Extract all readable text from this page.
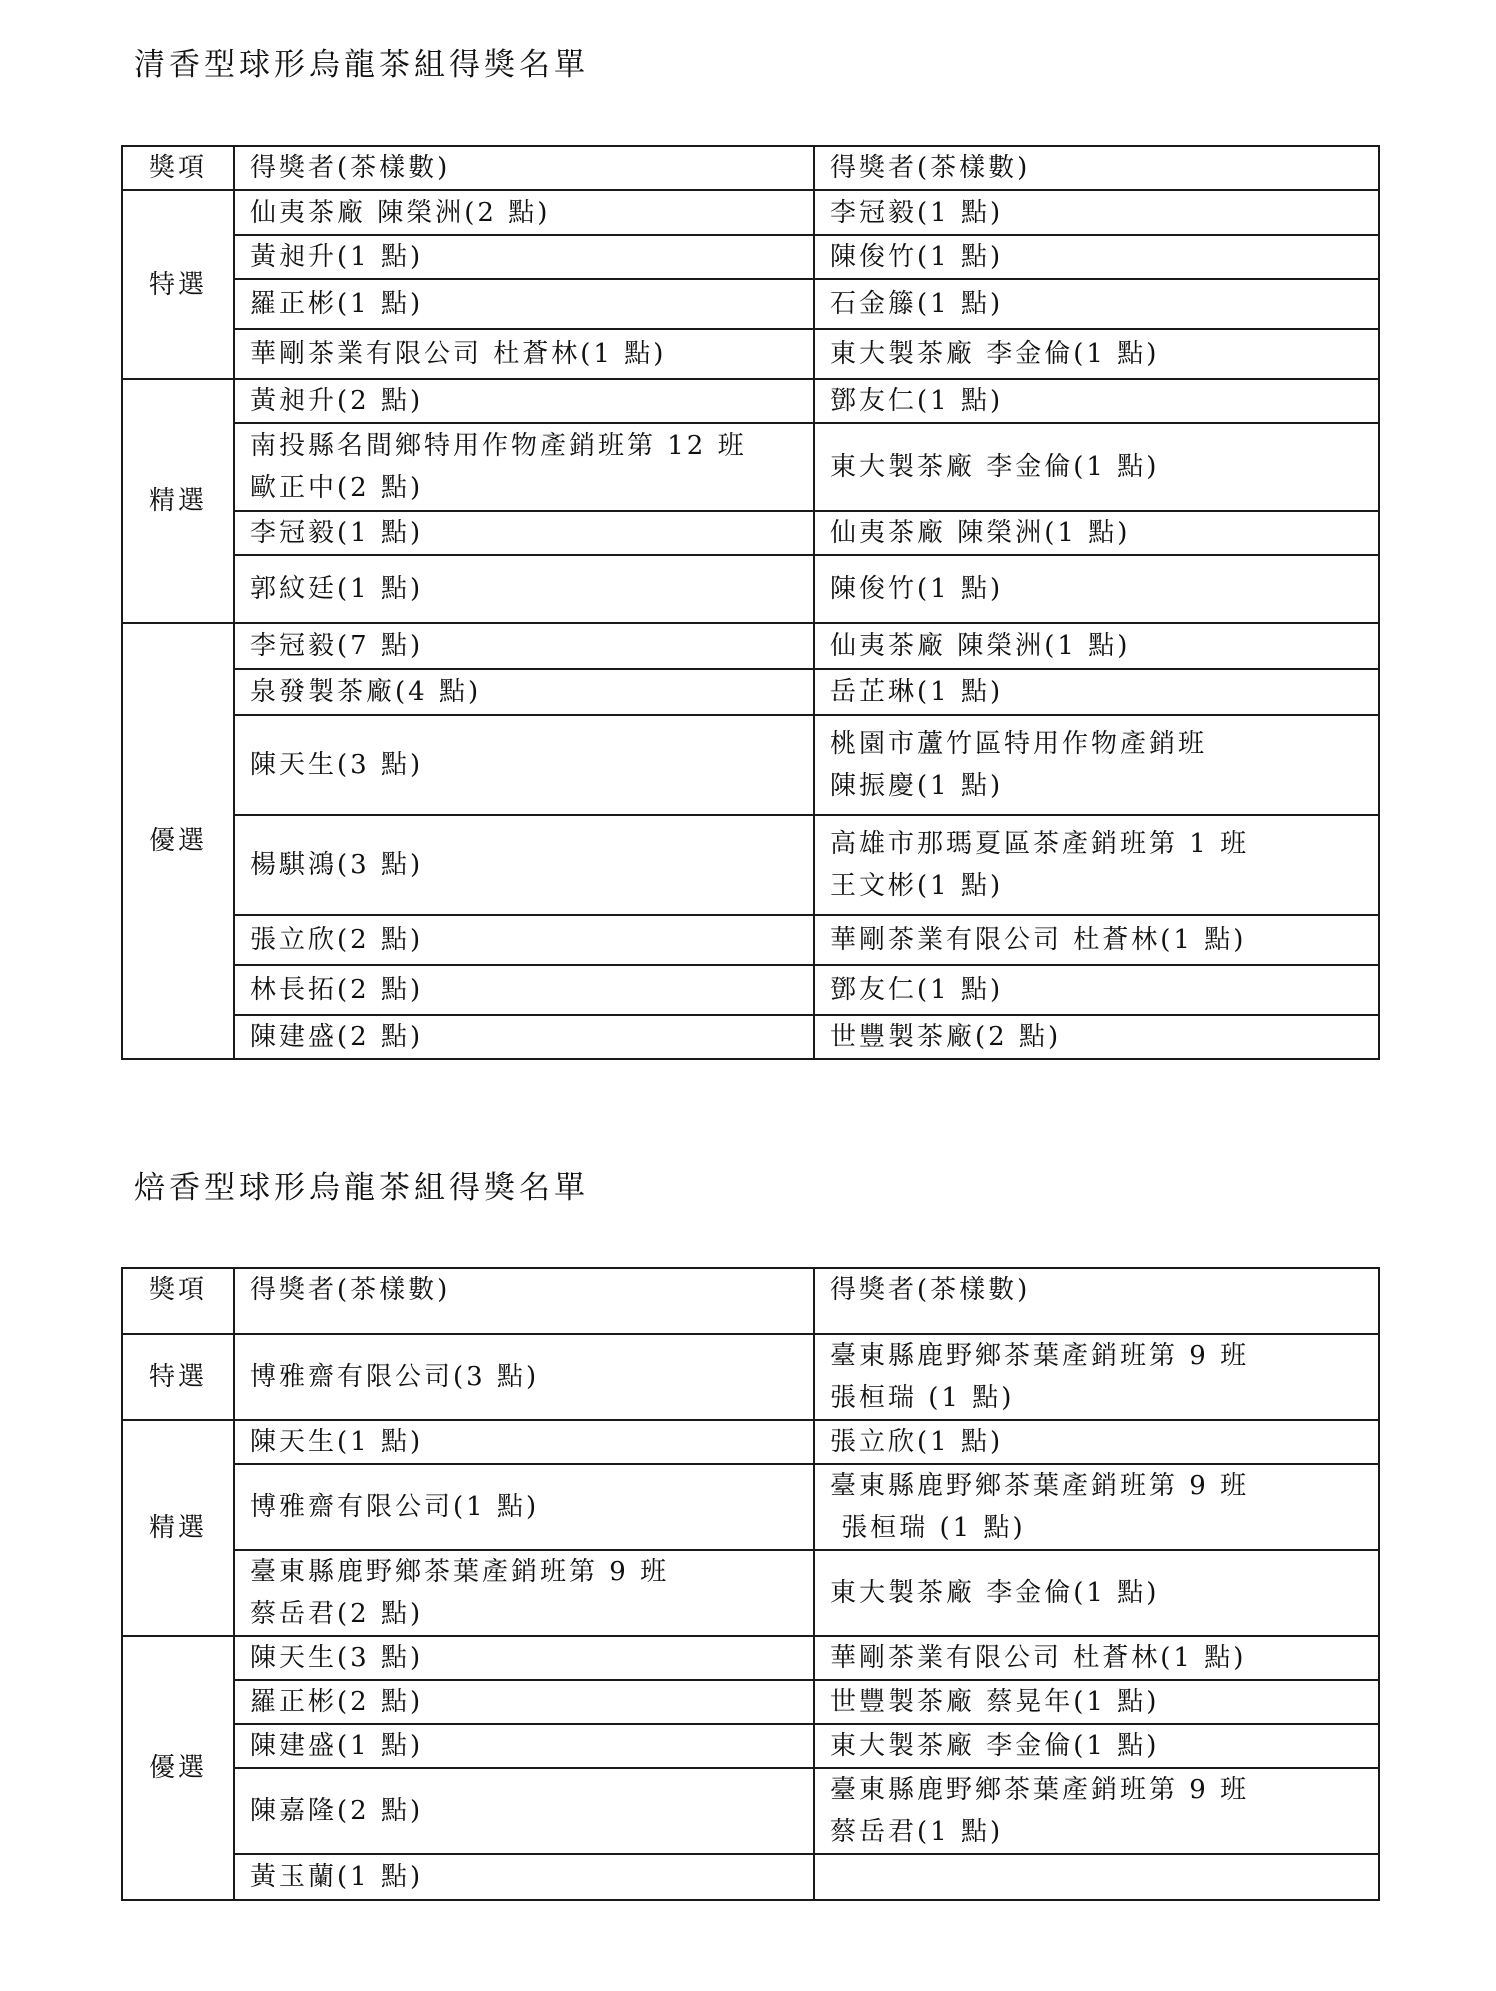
清香型球形烏龍茶組得獎名單
獎項	得獎者(茶樣數)	得獎者(茶樣數)
特選	仙夷茶廠 陳榮洲(2 點)	李冠毅(1 點)

	黃昶升(1 點)	陳俊竹(1 點)

	羅正彬(1 點)	石金籐(1 點)

	華剛茶業有限公司 杜蒼林(1 點)	東大製茶廠 李金倫(1 點)

精選	黃昶升(2 點)	鄧友仁(1 點)

	南投縣名間鄉特用作物產銷班第 12 班
歐正中(2 點)	東大製茶廠 李金倫(1 點)

	李冠毅(1 點)	仙夷茶廠 陳榮洲(1 點)

	郭紋廷(1 點)	陳俊竹(1 點)

優選	李冠毅(7 點)	仙夷茶廠 陳榮洲(1 點)

	泉發製茶廠(4 點)	岳芷琳(1 點)

	陳天生(3 點)	桃園市蘆竹區特用作物產銷班
陳振慶(1 點)

	楊騏鴻(3 點)	高雄市那瑪夏區茶產銷班第 1 班
王文彬(1 點)

	張立欣(2 點)	華剛茶業有限公司 杜蒼林(1 點)

	林長拓(2 點)	鄧友仁(1 點)

	陳建盛(2 點)	世豐製茶廠(2 點)
焙香型球形烏龍茶組得獎名單
獎項	得獎者(茶樣數)	得獎者(茶樣數)
特選	博雅齋有限公司(3 點)	臺東縣鹿野鄉茶葉產銷班第 9 班
張桓瑞 (1 點)

精選	陳天生(1 點)	張立欣(1 點)

	博雅齋有限公司(1 點)	臺東縣鹿野鄉茶葉產銷班第 9 班
張桓瑞 (1 點)

	臺東縣鹿野鄉茶葉產銷班第 9 班
蔡岳君(2 點)	東大製茶廠 李金倫(1 點)

優選	陳天生(3 點)	華剛茶業有限公司 杜蒼林(1 點)

	羅正彬(2 點)	世豐製茶廠 蔡晃年(1 點)

	陳建盛(1 點)	東大製茶廠 李金倫(1 點)

	陳嘉隆(2 點)	臺東縣鹿野鄉茶葉產銷班第 9 班
蔡岳君(1 點)

	黃玉蘭(1 點)	
